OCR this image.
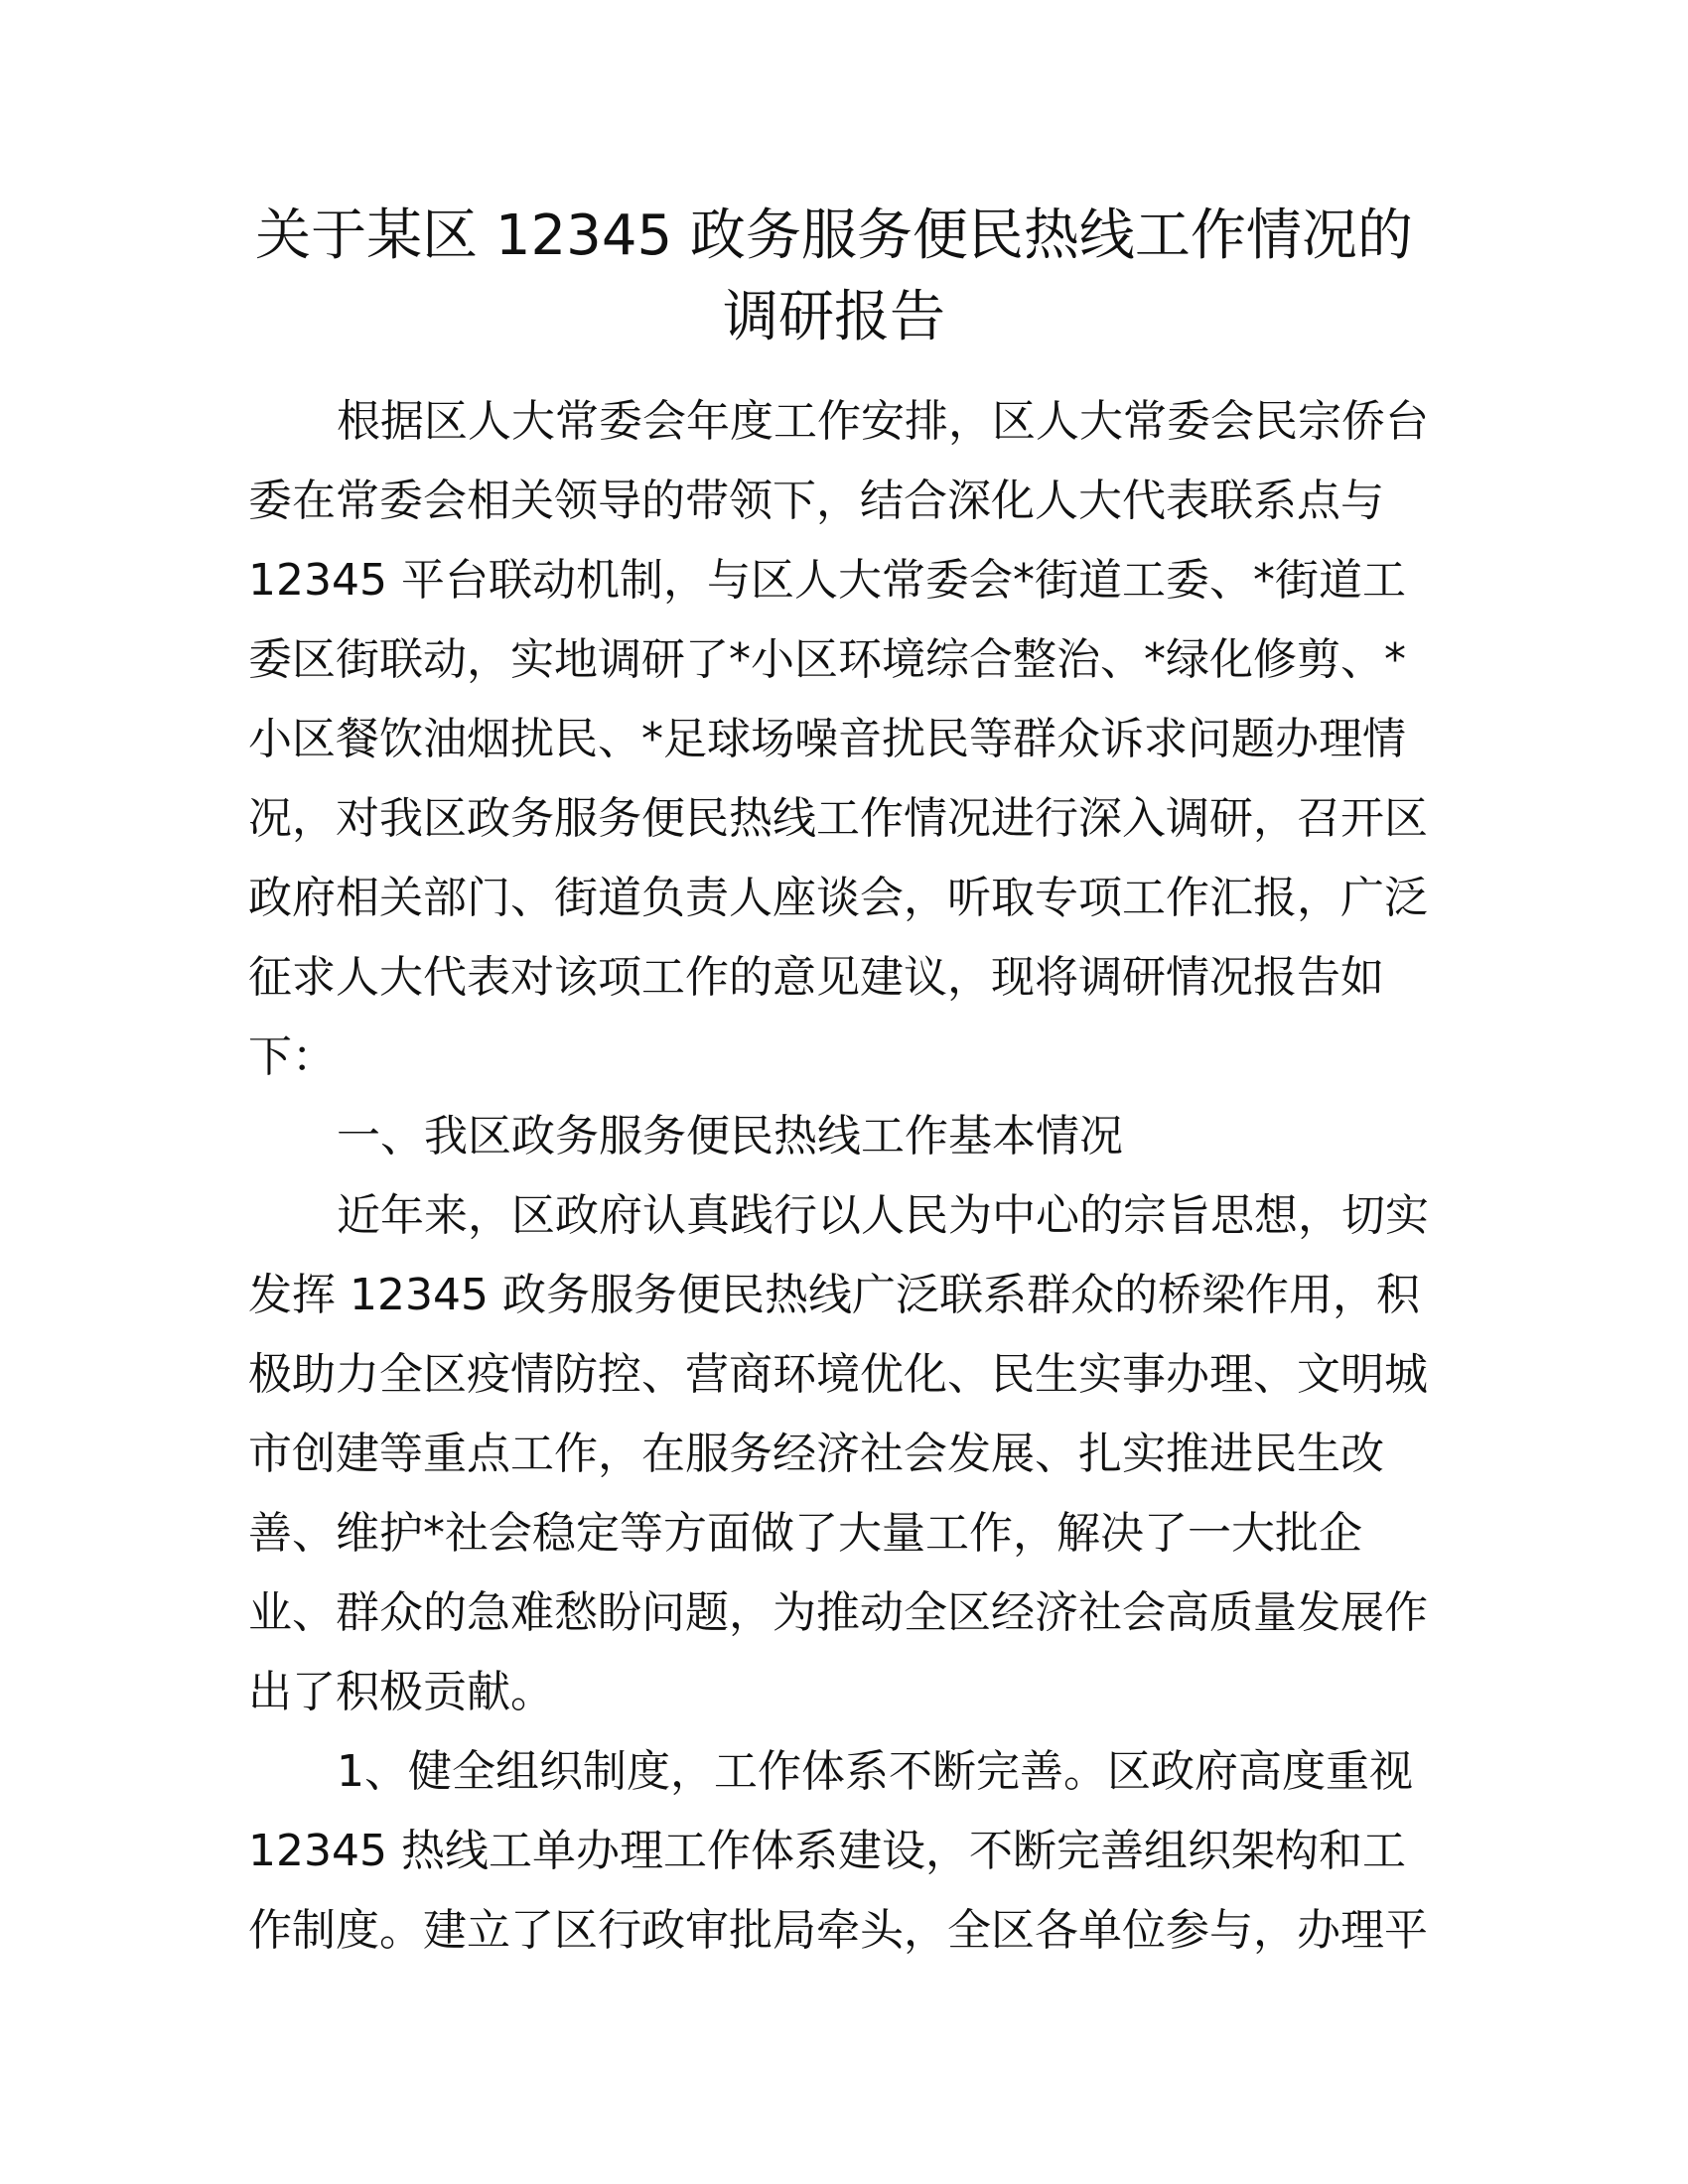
关于某区 12345 政务服务便民热线工作情况的
调研报告
根据区人大常委会年度工作安排，区人大常委会民宗侨台
委在常委会相关领导的带领下，结合深化人大代表联系点与
12345 平台联动机制，与区人大常委会*街道工委、*街道工
委区街联动，实地调研了*小区环境综合整治、*绿化修剪、*
小区餐饮油烟扰民、*足球场噪音扰民等群众诉求问题办理情
况，对我区政务服务便民热线工作情况进行深入调研，召开区
政府相关部门、街道负责人座谈会，听取专项工作汇报，广泛
征求人大代表对该项工作的意见建议，现将调研情况报告如
下：
一、我区政务服务便民热线工作基本情况
近年来，区政府认真践行以人民为中心的宗旨思想，切实
发挥 12345 政务服务便民热线广泛联系群众的桥梁作用，积
极助力全区疫情防控、营商环境优化、民生实事办理、文明城
市创建等重点工作，在服务经济社会发展、扎实推进民生改
善、维护*社会稳定等方面做了大量工作，解决了一大批企
业、群众的急难愁盼问题，为推动全区经济社会高质量发展作
出了积极贡献。
1、健全组织制度，工作体系不断完善。区政府高度重视
12345 热线工单办理工作体系建设，不断完善组织架构和工
作制度。建立了区行政审批局牵头，全区各单位参与，办理平
